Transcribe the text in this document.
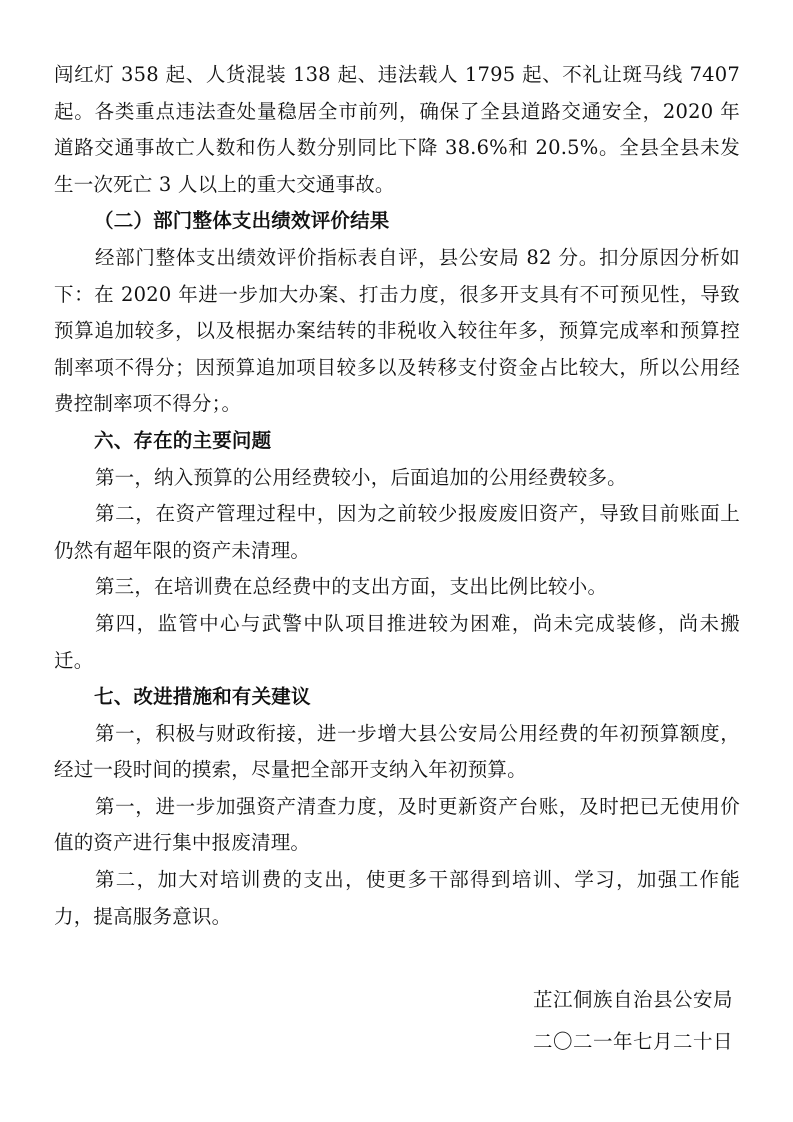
闯红灯 358 起、人货混装 138 起、违法载人 1795 起、不礼让斑马线 7407 起。各类重点违法查处量稳居全市前列，确保了全县道路交通安全，2020 年道路交通事故亡人数和伤人数分别同比下降 38.6%和 20.5%。全县全县未发生一次死亡 3 人以上的重大交通事故。

（二）部门整体支出绩效评价结果

经部门整体支出绩效评价指标表自评，县公安局 82 分。扣分原因分析如下：在 2020 年进一步加大办案、打击力度，很多开支具有不可预见性，导致预算追加较多，以及根据办案结转的非税收入较往年多，预算完成率和预算控制率项不得分；因预算追加项目较多以及转移支付资金占比较大，所以公用经费控制率项不得分；。

六、存在的主要问题

第一，纳入预算的公用经费较小，后面追加的公用经费较多。

第二，在资产管理过程中，因为之前较少报废废旧资产，导致目前账面上仍然有超年限的资产未清理。

第三，在培训费在总经费中的支出方面，支出比例比较小。

第四，监管中心与武警中队项目推进较为困难，尚未完成装修，尚未搬迁。

七、改进措施和有关建议

第一，积极与财政衔接，进一步增大县公安局公用经费的年初预算额度，经过一段时间的摸索，尽量把全部开支纳入年初预算。

第一，进一步加强资产清查力度，及时更新资产台账，及时把已无使用价值的资产进行集中报废清理。

第二，加大对培训费的支出，使更多干部得到培训、学习，加强工作能力，提高服务意识。

芷江侗族自治县公安局
二〇二一年七月二十日
